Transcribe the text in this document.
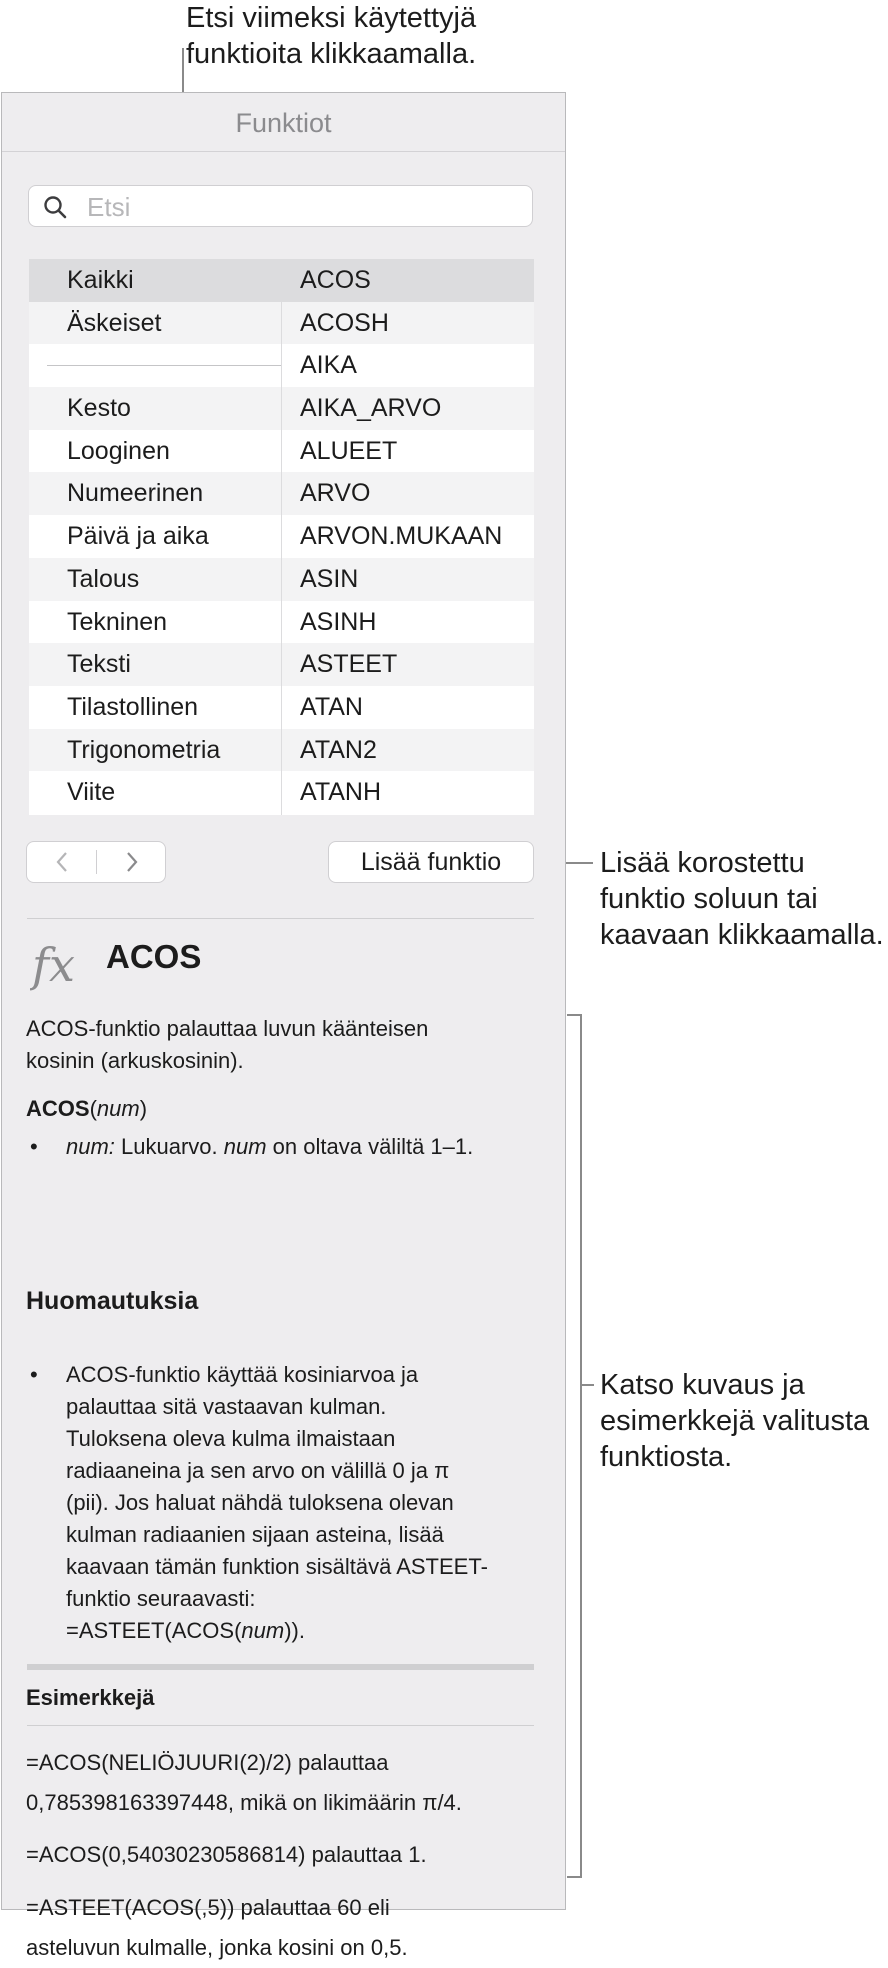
Etsi viimeksi käytettyjä
funktioita klikkaamalla.
Lisää korostettu
funktio soluun tai
kaavaan klikkaamalla.
Katso kuvaus ja
esimerkkejä valitusta
funktiosta.
Funktiot
Etsi
Kaikki
Äskeiset
Kesto
Looginen
Numeerinen
Päivä ja aika
Talous
Tekninen
Teksti
Tilastollinen
Trigonometria
Viite
ACOS
ACOSH
AIKA
AIKA_ARVO
ALUEET
ARVO
ARVON.MUKAAN
ASIN
ASINH
ASTEET
ATAN
ATAN2
ATANH
Lisää funktio
fx ACOS

ACOS-funktio palauttaa luvun käänteisen

kosinin (arkuskosinin).

ACOS(num)

• num: Lukuarvo. num on oltava väliltä 1–1.

Huomautuksia

• ACOS-funktio käyttää kosiniarvoa ja

palauttaa sitä vastaavan kulman.

Tuloksena oleva kulma ilmaistaan

radiaaneina ja sen arvo on välillä 0 ja π

(pii). Jos haluat nähdä tuloksena olevan

kulman radiaanien sijaan asteina, lisää

kaavaan tämän funktion sisältävä ASTEET-

funktio seuraavasti:

=ASTEET(ACOS(num)).

Esimerkkejä

=ACOS(NELIÖJUURI(2)/2) palauttaa

0,785398163397448, mikä on likimäärin π/4.

=ACOS(0,54030230586814) palauttaa 1.

=ASTEET(ACOS(,5)) palauttaa 60 eli

asteluvun kulmalle, jonka kosini on 0,5.
